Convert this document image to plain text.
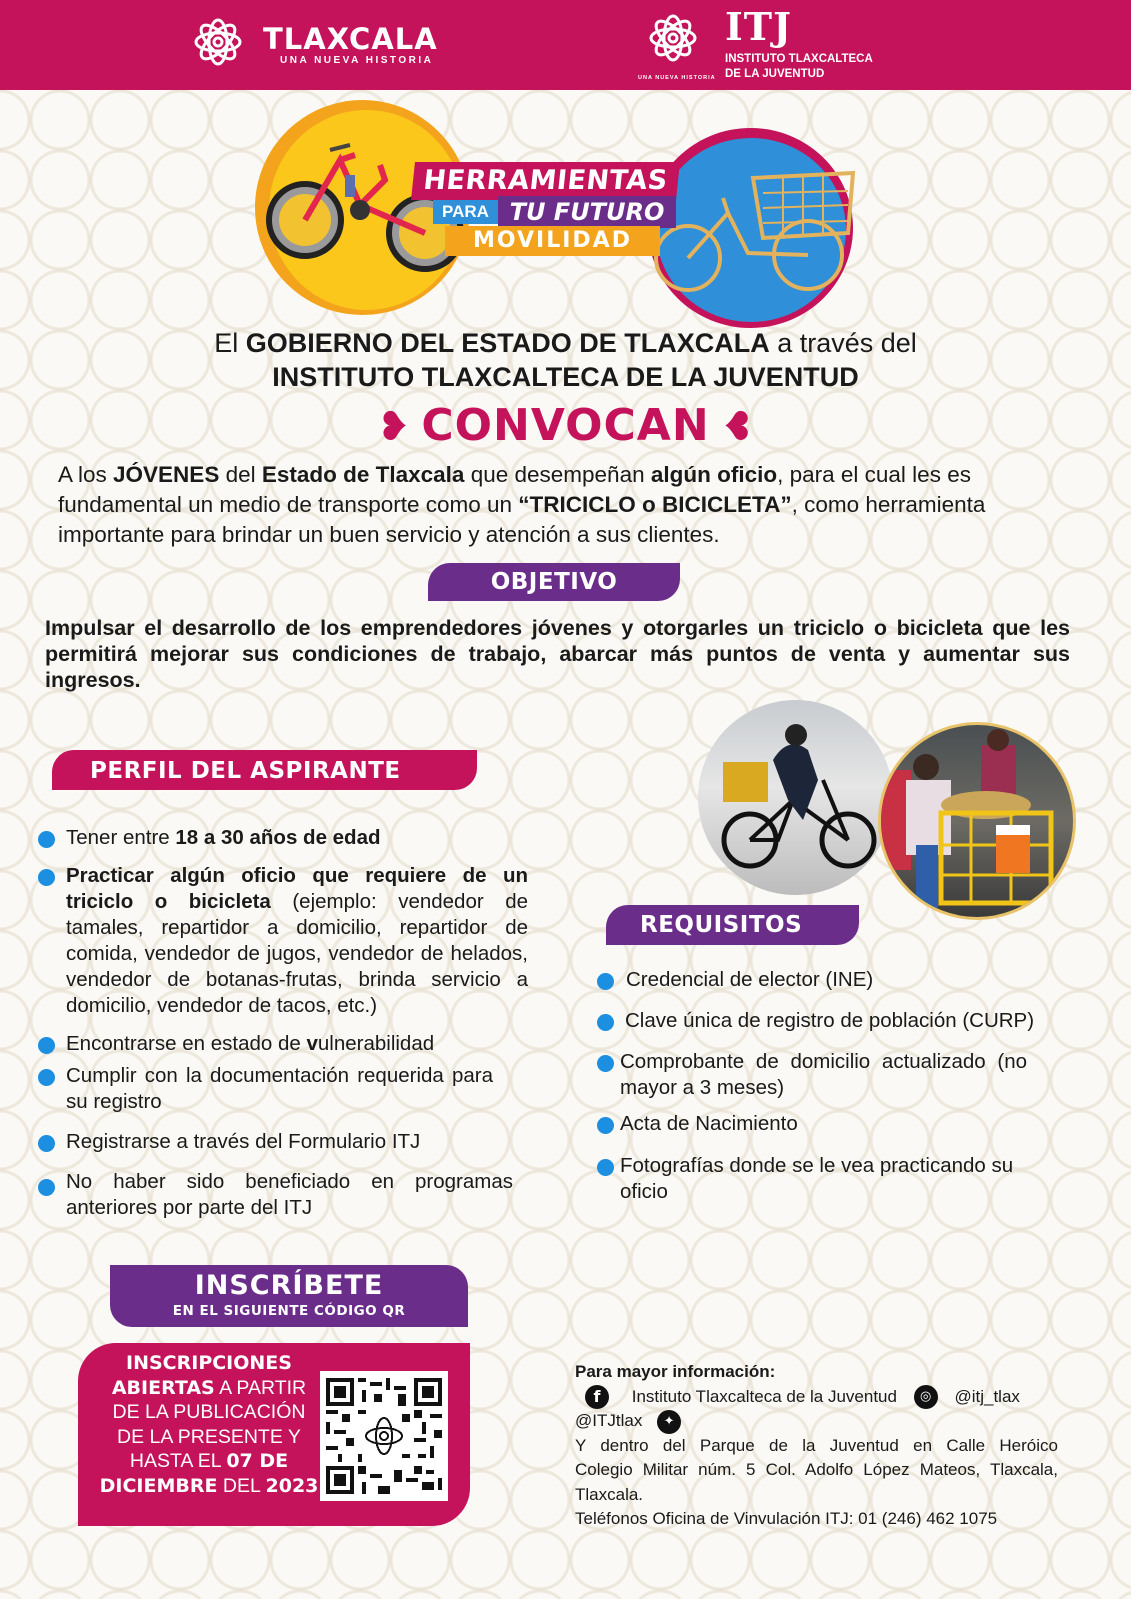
TLAXCALA
UNA NUEVA HISTORIA
UNA NUEVA HISTORIA
ITJ
INSTITUTO TLAXCALTECA
DE LA JUVENTUD
HERRAMIENTAS
PARA TU FUTURO
MOVILIDAD
El GOBIERNO DEL ESTADO DE TLAXCALA a través del
INSTITUTO TLAXCALTECA DE LA JUVENTUD
❥ CONVOCAN ❥

A los JÓVENES del Estado de Tlaxcala que desempeñan algún oficio, para el cual les es fundamental un medio de transporte como un “TRICICLO o BICICLETA”, como herramienta importante para brindar un buen servicio y atención a sus clientes.

OBJETIVO

Impulsar el desarrollo de los emprendedores jóvenes y otorgarles un triciclo o bicicleta que les permitirá mejorar sus condiciones de trabajo, abarcar más puntos de venta y aumentar sus ingresos.

PERFIL DEL ASPIRANTE
Tener entre 18 a 30 años de edad
Practicar algún oficio que requiere de un triciclo o bicicleta (ejemplo: vendedor de tamales, repartidor a domicilio, repartidor de comida, vendedor de jugos, vendedor de helados, vendedor de botanas-frutas, brinda servicio a domicilio, vendedor de tacos, etc.)
Encontrarse en estado de vulnerabilidad
Cumplir con la documentación requerida para su registro
Registrarse a través del Formulario ITJ
No haber sido beneficiado en programas anteriores por parte del ITJ
REQUISITOS
Credencial de elector (INE)
Clave única de registro de población (CURP)
Comprobante de domicilio actualizado (no mayor a 3 meses)
Acta de Nacimiento
Fotografías donde se le vea practicando su oficio
INSCRÍBETE
EN EL SIGUIENTE CÓDIGO QR
INSCRIPCIONES ABIERTAS A PARTIR DE LA PUBLICACIÓN DE LA PRESENTE Y HASTA EL 07 DE DICIEMBRE DEL 2023
Para mayor información:
f Instituto Tlaxcalteca de la Juventud ◎ @itj_tlax
@ITJtlax ✦
Y dentro del Parque de la Juventud en Calle Heróico
Colegio Militar núm. 5 Col. Adolfo López Mateos, Tlaxcala,
Tlaxcala.
Teléfonos Oficina de Vinvulación ITJ: 01 (246) 462 1075
